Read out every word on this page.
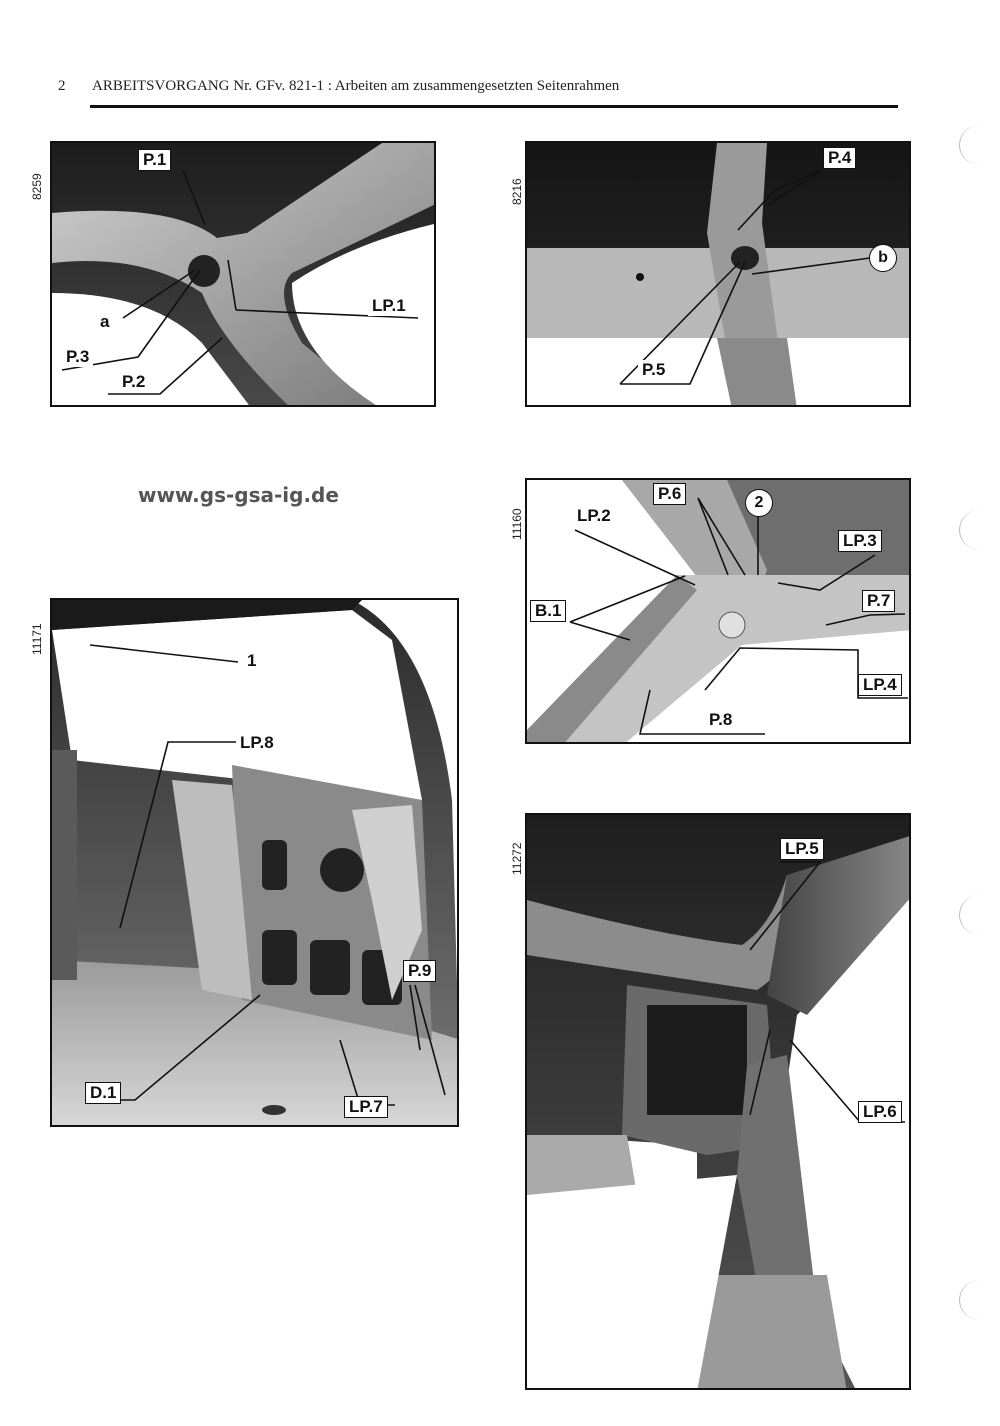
2 ARBEITSVORGANG Nr. GFv. 821-1 : Arbeiten am zusammengesetzten Seitenrahmen
www.gs-gsa-ig.de
8259	8216
11160
11171
11272
P.1
a
P.3
P.2
LP.1
P.4
b
P.5
P.6	2
LP.2
LP.3
P.7
B.1
LP.4
P.8
1
LP.8
P.9
D.1
LP.7
LP.5
LP.6
